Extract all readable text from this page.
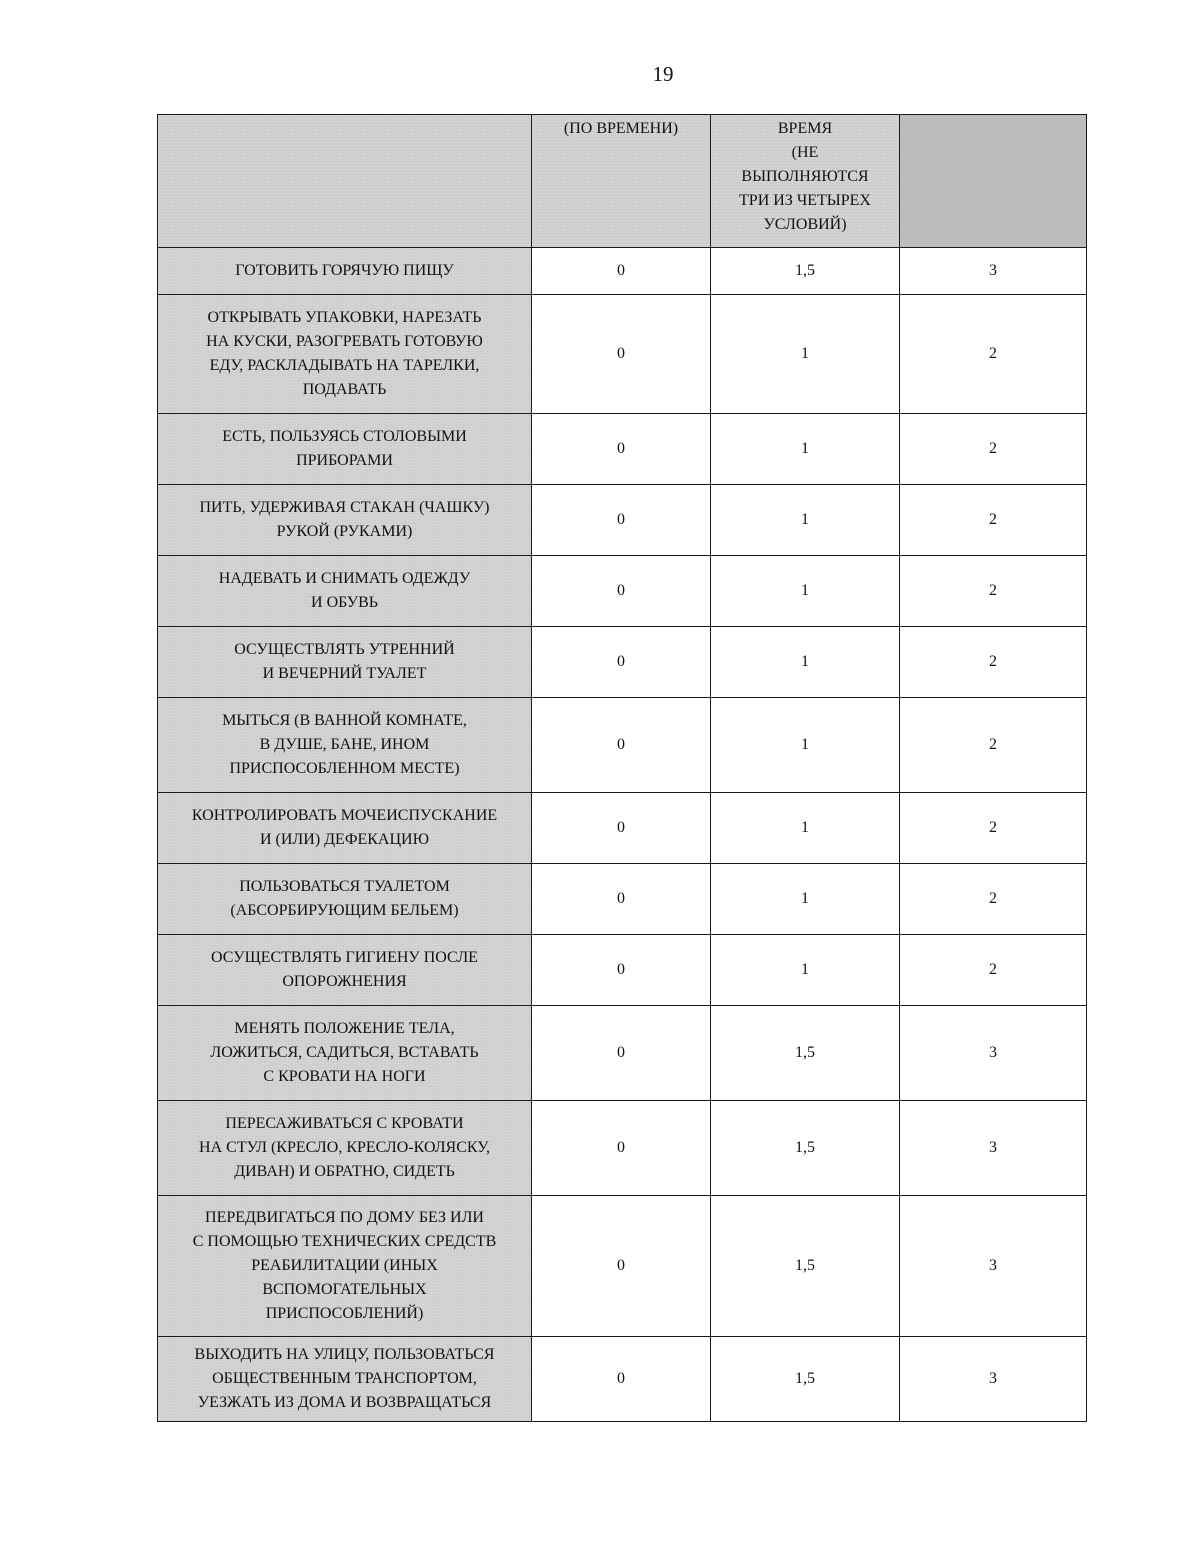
19
	(ПО ВРЕМЕНИ)	ВРЕМЯ
(НЕ
ВЫПОЛНЯЮТСЯ
ТРИ ИЗ ЧЕТЫРЕХ
УСЛОВИЙ)	
ГОТОВИТЬ ГОРЯЧУЮ ПИЩУ	0	1,5	3
ОТКРЫВАТЬ УПАКОВКИ, НАРЕЗАТЬ
НА КУСКИ, РАЗОГРЕВАТЬ ГОТОВУЮ
ЕДУ, РАСКЛАДЫВАТЬ НА ТАРЕЛКИ,
ПОДАВАТЬ	0	1	2
ЕСТЬ, ПОЛЬЗУЯСЬ СТОЛОВЫМИ
ПРИБОРАМИ	0	1	2
ПИТЬ, УДЕРЖИВАЯ СТАКАН (ЧАШКУ)
РУКОЙ (РУКАМИ)	0	1	2
НАДЕВАТЬ И СНИМАТЬ ОДЕЖДУ
И ОБУВЬ	0	1	2
ОСУЩЕСТВЛЯТЬ УТРЕННИЙ
И ВЕЧЕРНИЙ ТУАЛЕТ	0	1	2
МЫТЬСЯ (В ВАННОЙ КОМНАТЕ,
В ДУШЕ, БАНЕ, ИНОМ
ПРИСПОСОБЛЕННОМ МЕСТЕ)	0	1	2
КОНТРОЛИРОВАТЬ МОЧЕИСПУСКАНИЕ
И (ИЛИ) ДЕФЕКАЦИЮ	0	1	2
ПОЛЬЗОВАТЬСЯ ТУАЛЕТОМ
(АБСОРБИРУЮЩИМ БЕЛЬЕМ)	0	1	2
ОСУЩЕСТВЛЯТЬ ГИГИЕНУ ПОСЛЕ
ОПОРОЖНЕНИЯ	0	1	2
МЕНЯТЬ ПОЛОЖЕНИЕ ТЕЛА,
ЛОЖИТЬСЯ, САДИТЬСЯ, ВСТАВАТЬ
С КРОВАТИ НА НОГИ	0	1,5	3
ПЕРЕСАЖИВАТЬСЯ С КРОВАТИ
НА СТУЛ (КРЕСЛО, КРЕСЛО-КОЛЯСКУ,
ДИВАН) И ОБРАТНО, СИДЕТЬ	0	1,5	3
ПЕРЕДВИГАТЬСЯ ПО ДОМУ БЕЗ ИЛИ
С ПОМОЩЬЮ ТЕХНИЧЕСКИХ СРЕДСТВ
РЕАБИЛИТАЦИИ (ИНЫХ
ВСПОМОГАТЕЛЬНЫХ
ПРИСПОСОБЛЕНИЙ)	0	1,5	3
ВЫХОДИТЬ НА УЛИЦУ, ПОЛЬЗОВАТЬСЯ
ОБЩЕСТВЕННЫМ ТРАНСПОРТОМ,
УЕЗЖАТЬ ИЗ ДОМА И ВОЗВРАЩАТЬСЯ	0	1,5	3
